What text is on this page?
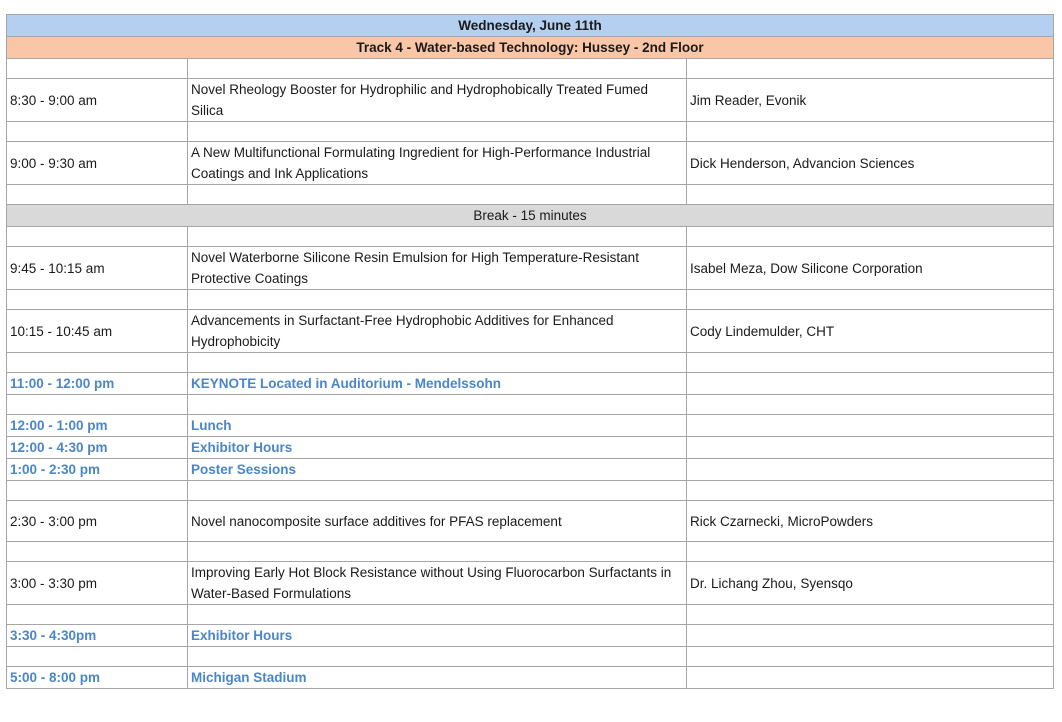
Wednesday, June 11th		
Track 4 - Water-based Technology: Hussey - 2nd Floor		

8:30 - 9:00 am	Novel Rheology Booster for Hydrophilic and Hydrophobically Treated Fumed Silica	Jim Reader, Evonik

9:00 - 9:30 am	A New Multifunctional Formulating Ingredient for High-Performance Industrial Coatings and Ink Applications	Dick Henderson, Advancion Sciences

Break - 15 minutes		

9:45 - 10:15 am	Novel Waterborne Silicone Resin Emulsion for High Temperature-Resistant Protective Coatings	Isabel Meza, Dow Silicone Corporation

10:15 - 10:45 am	Advancements in Surfactant-Free Hydrophobic Additives for Enhanced Hydrophobicity	Cody Lindemulder, CHT

11:00 - 12:00 pm	KEYNOTE Located in Auditorium - Mendelssohn	

12:00 - 1:00 pm	Lunch	
12:00 - 4:30 pm	Exhibitor Hours	
1:00 - 2:30 pm	Poster Sessions	

2:30 - 3:00 pm	Novel nanocomposite surface additives for PFAS replacement	Rick Czarnecki, MicroPowders

3:00 - 3:30 pm	Improving Early Hot Block Resistance without Using Fluorocarbon Surfactants in Water-Based Formulations	Dr. Lichang Zhou, Syensqo

3:30 - 4:30pm	Exhibitor Hours	

5:00 - 8:00 pm	Michigan Stadium	
